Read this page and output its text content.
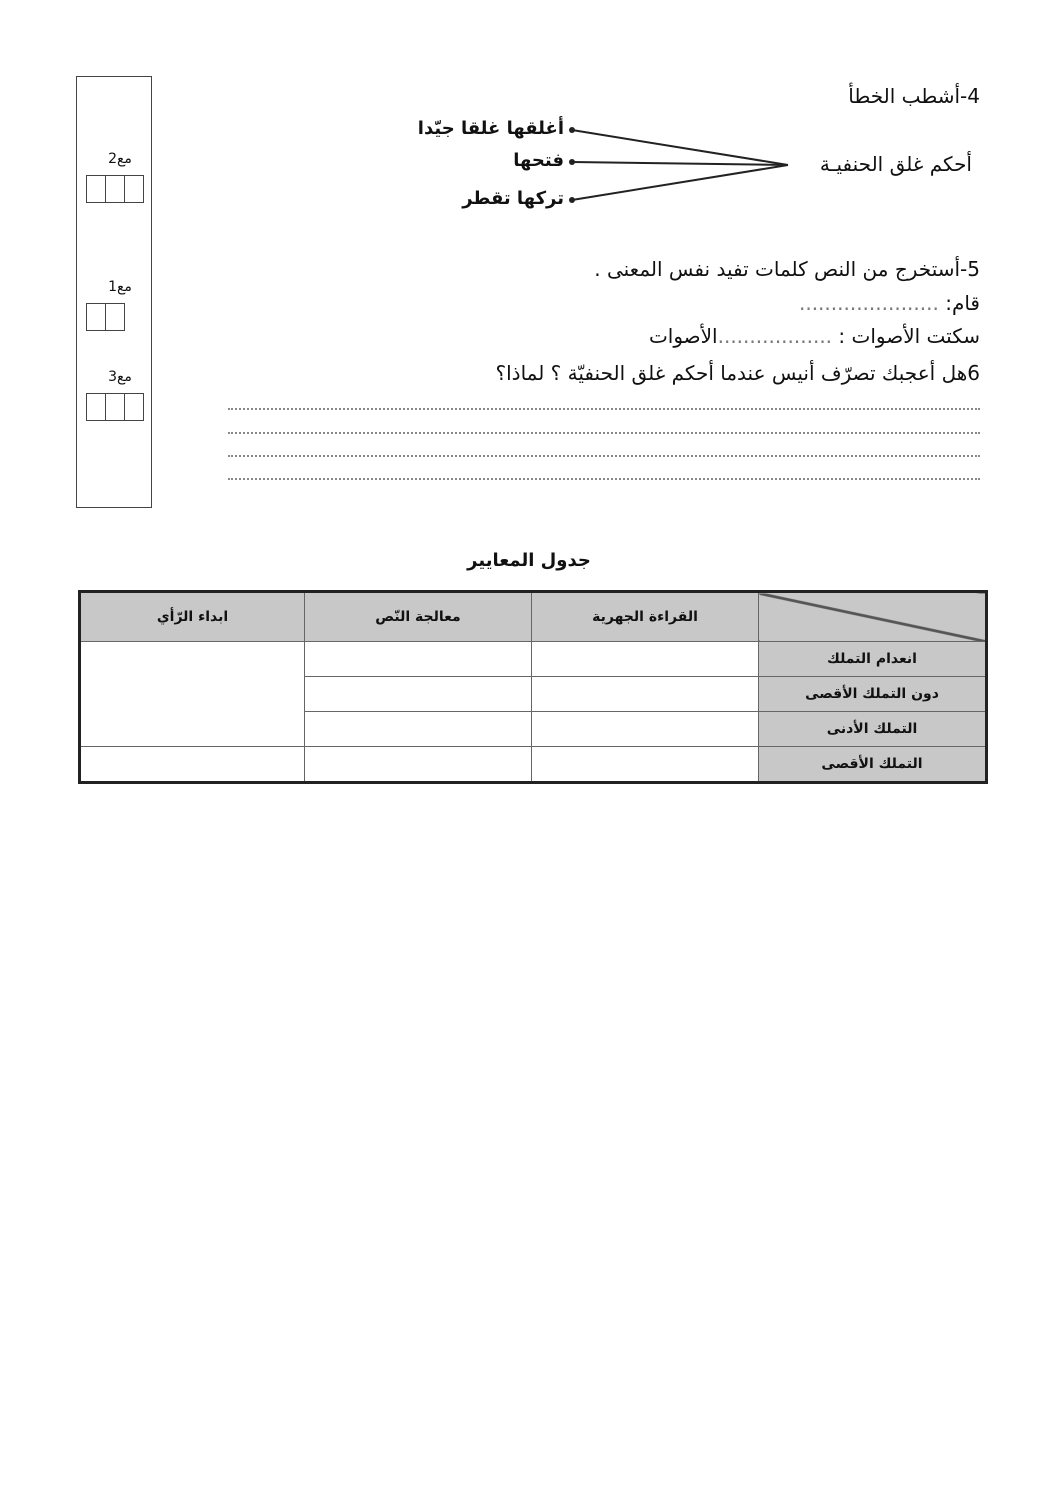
مع2
مع1
مع3
4-أشطب الخطأ
أحكم غلق الحنفيـة
أغلقها غلقا جيّدا
فتحها
تركها تقطر
5-أستخرج من النص كلمات تفيد نفس المعنى .
قام: ......................
سكتت الأصوات : ..................الأصوات
6هل أعجبك تصرّف أنيس عندما أحكم غلق الحنفيّة ؟ لماذا؟
جدول المعايير
	القراءة الجهرية	معالجة النّص	ابداء الرّأي
انعدام التملك			
دون التملك الأقصى			
التملك الأدنى			
التملك الأقصى			
